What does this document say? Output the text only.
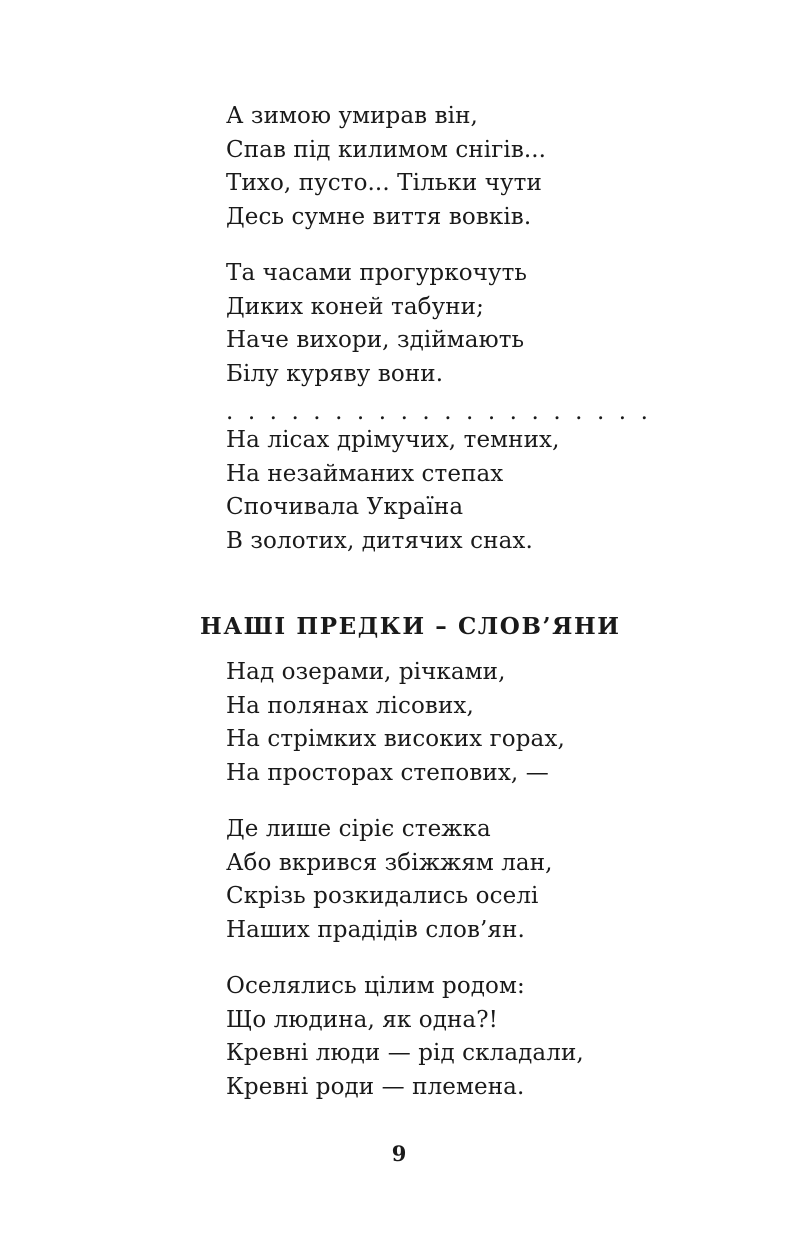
А зимою умирав він,
Спав під килимом снігів...
Тихо, пусто... Тільки чути
Десь сумне виття вовків.
Та часами прогуркочуть
Диких коней табуни;
Наче вихори, здіймають
Білу куряву вони.
. . . . . . . . . . . . . . . . . . . .
На лісах дрімучих, темних,
На незайманих степах
Спочивала Україна
В золотих, дитячих снах.
НАШІ ПРЕДКИ – СЛОВ’ЯНИ
Над озерами, річками,
На полянах лісових,
На стрімких високих горах,
На просторах степових, —
Де лише сіріє стежка
Або вкрився збіжжям лан,
Скрізь розкидались оселі
Наших прадідів слов’ян.
Оселялись цілим родом:
Що людина, як одна?!
Кревні люди — рід складали,
Кревні роди — племена.
9
